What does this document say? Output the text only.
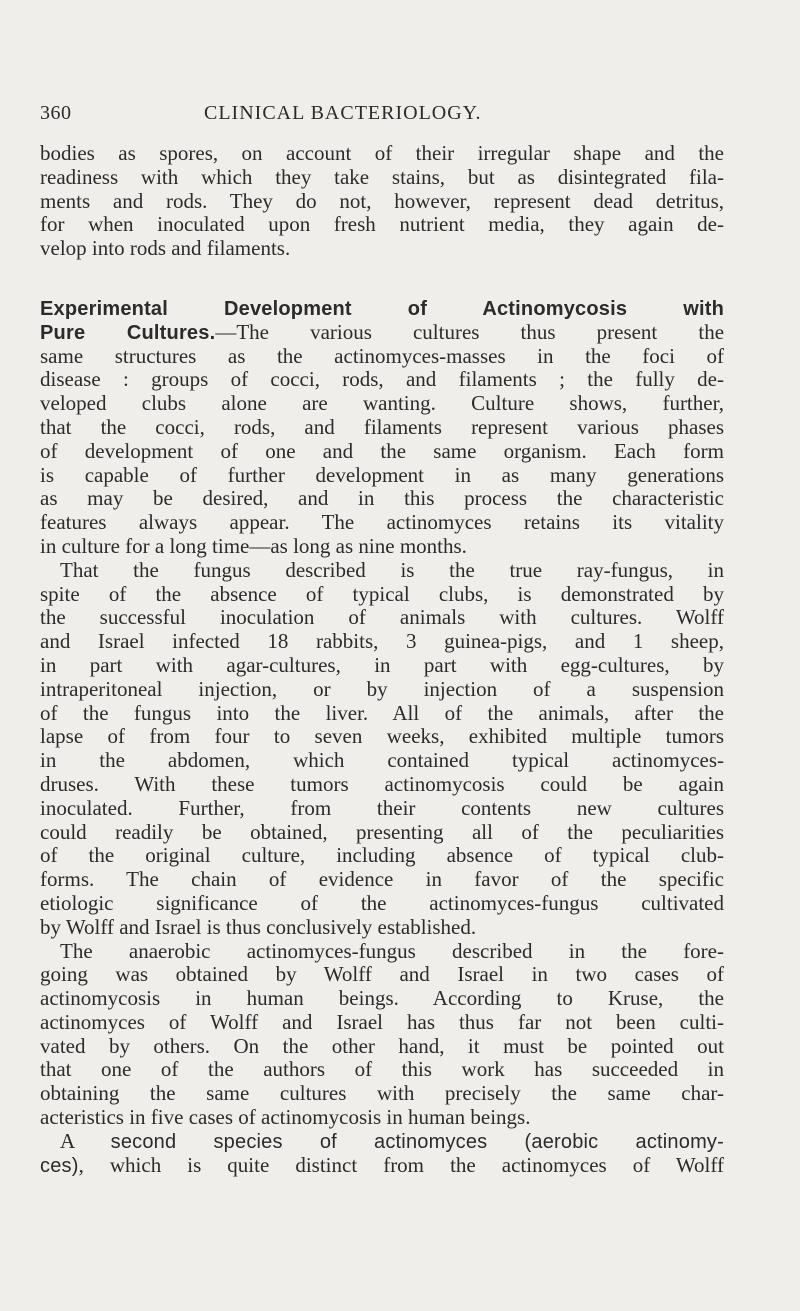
360	CLINICAL BACTERIOLOGY.
bodies as spores, on account of their irregular shape and the
readiness with which they take stains, but as disintegrated fila-
ments and rods. They do not, however, represent dead detritus,
for when inoculated upon fresh nutrient media, they again de-
velop into rods and filaments.
Experimental Development of Actinomycosis with
Pure Cultures.—The various cultures thus present the
same structures as the actinomyces-masses in the foci of
disease : groups of cocci, rods, and filaments ; the fully de-
veloped clubs alone are wanting. Culture shows, further,
that the cocci, rods, and filaments represent various phases
of development of one and the same organism. Each form
is capable of further development in as many generations
as may be desired, and in this process the characteristic
features always appear. The actinomyces retains its vitality
in culture for a long time—as long as nine months.
That the fungus described is the true ray-fungus, in
spite of the absence of typical clubs, is demonstrated by
the successful inoculation of animals with cultures. Wolff
and Israel infected 18 rabbits, 3 guinea-pigs, and 1 sheep,
in part with agar-cultures, in part with egg-cultures, by
intraperitoneal injection, or by injection of a suspension
of the fungus into the liver. All of the animals, after the
lapse of from four to seven weeks, exhibited multiple tumors
in the abdomen, which contained typical actinomyces-
druses. With these tumors actinomycosis could be again
inoculated. Further, from their contents new cultures
could readily be obtained, presenting all of the peculiarities
of the original culture, including absence of typical club-
forms. The chain of evidence in favor of the specific
etiologic significance of the actinomyces-fungus cultivated
by Wolff and Israel is thus conclusively established.
The anaerobic actinomyces-fungus described in the fore-
going was obtained by Wolff and Israel in two cases of
actinomycosis in human beings. According to Kruse, the
actinomyces of Wolff and Israel has thus far not been culti-
vated by others. On the other hand, it must be pointed out
that one of the authors of this work has succeeded in
obtaining the same cultures with precisely the same char-
acteristics in five cases of actinomycosis in human beings.
A second species of actinomyces (aerobic actinomy-
ces), which is quite distinct from the actinomyces of Wolff
